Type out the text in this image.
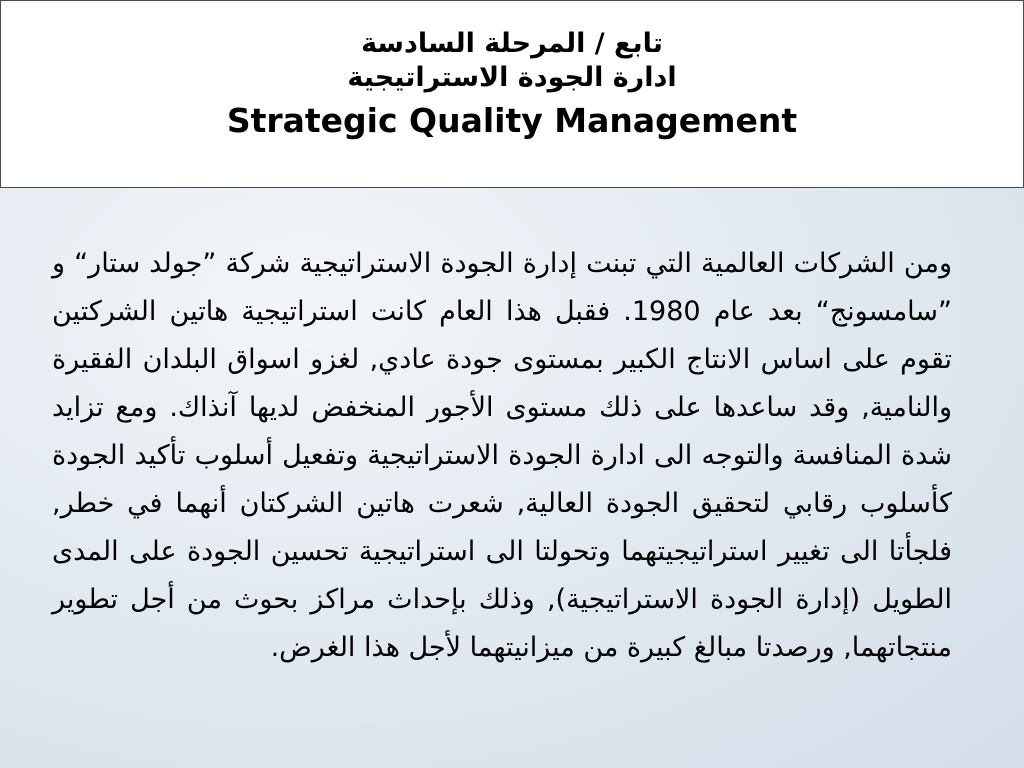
تابع / المرحلة السادسة
ادارة الجودة الاستراتيجية
Strategic Quality Management

ومن الشركات العالمية التي تبنت إدارة الجودة الاستراتيجية شركة ”جولد ستار“ و ”سامسونج“ بعد عام 1980. فقبل هذا العام كانت استراتيجية هاتين الشركتين تقوم على اساس الانتاج الكبير بمستوى جودة عادي, لغزو اسواق البلدان الفقيرة والنامية, وقد ساعدها على ذلك مستوى الأجور المنخفض لديها آنذاك. ومع تزايد شدة المنافسة والتوجه الى ادارة الجودة الاستراتيجية وتفعيل أسلوب تأكيد الجودة كأسلوب رقابي لتحقيق الجودة العالية, شعرت هاتين الشركتان أنهما في خطر, فلجأتا الى تغيير استراتيجيتهما وتحولتا الى استراتيجية تحسين الجودة على المدى الطويل (إدارة الجودة الاستراتيجية), وذلك بإحداث مراكز بحوث من أجل تطوير منتجاتهما, ورصدتا مبالغ كبيرة من ميزانيتهما لأجل هذا الغرض.
